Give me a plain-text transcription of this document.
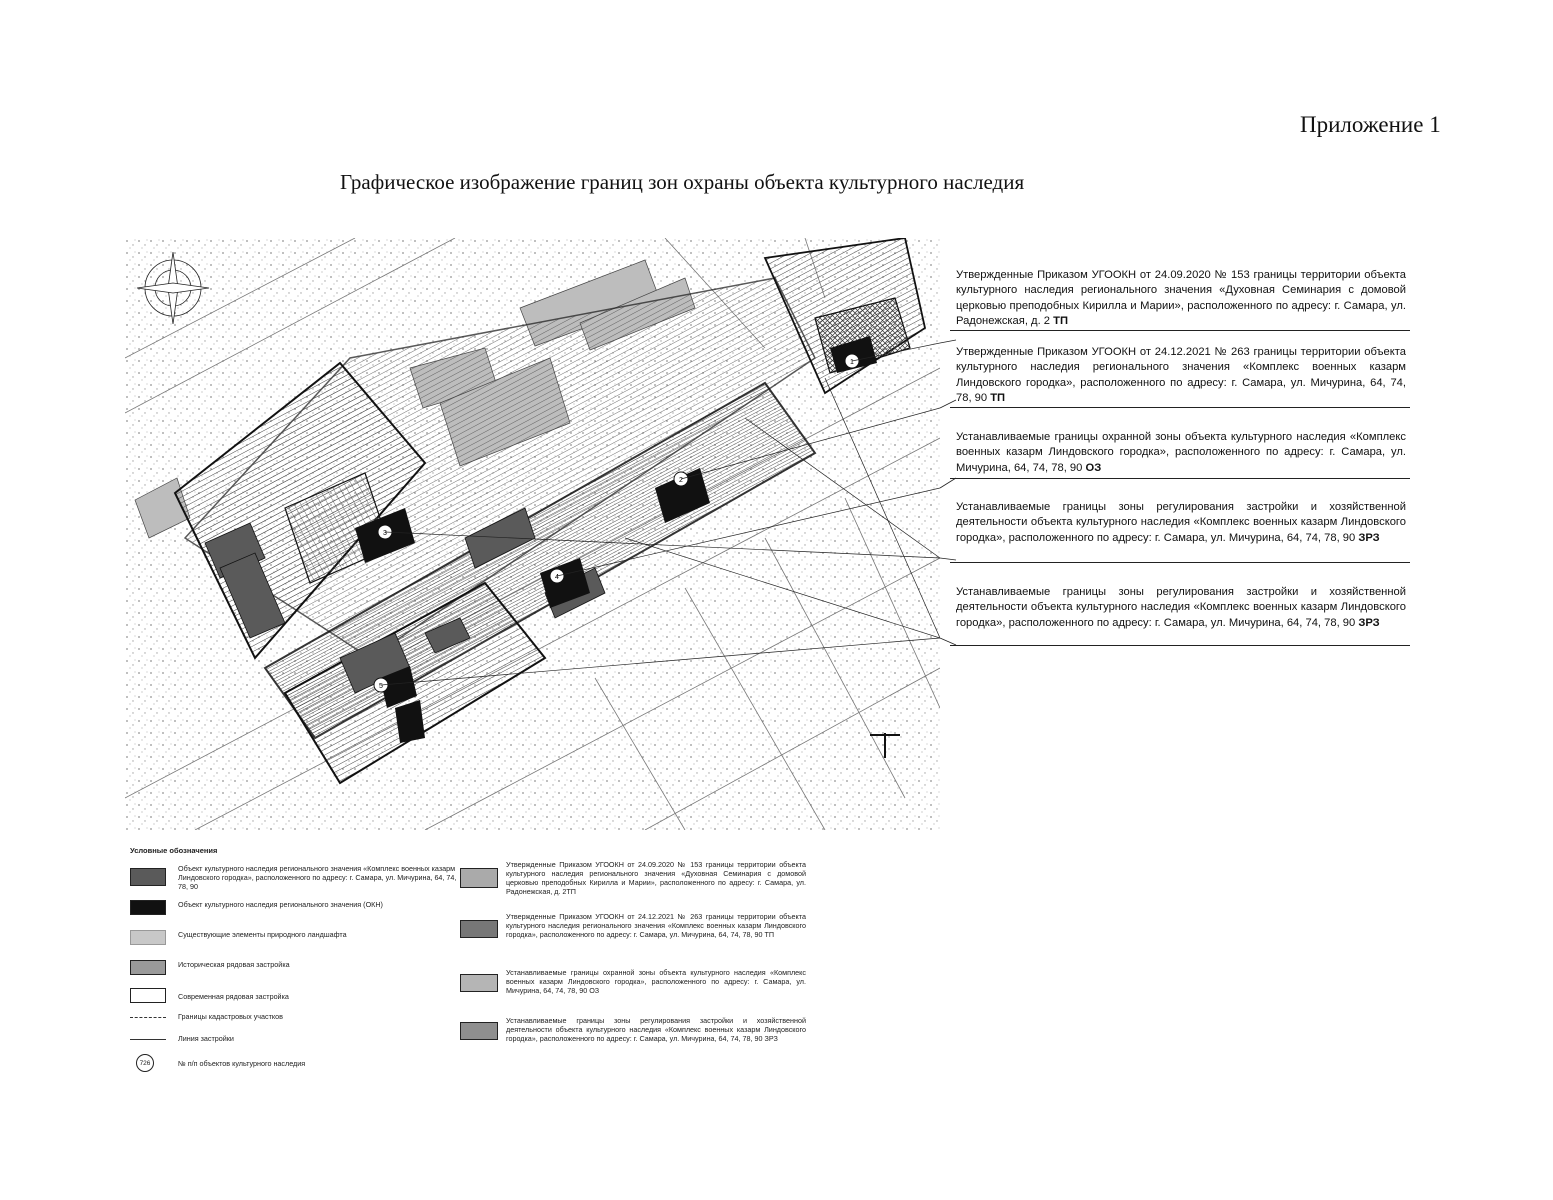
Приложение 1
Графическое изображение границ зон охраны объекта культурного наследия
1
2
3
4
5
Утвержденные Приказом УГООКН от 24.09.2020 № 153 границы территории объекта культурного наследия регионального значения «Духовная Семинария с домовой церковью преподобных Кирилла и Марии», расположенного по адресу: г. Самара, ул. Радонежская, д. 2 ТП
Утвержденные Приказом УГООКН от 24.12.2021 № 263 границы территории объекта культурного наследия регионального значения «Комплекс военных казарм Линдовского городка», расположенного по адресу: г. Самара, ул. Мичурина, 64, 74, 78, 90 ТП
Устанавливаемые границы охранной зоны объекта культурного наследия «Комплекс военных казарм Линдовского городка», расположенного по адресу: г. Самара, ул. Мичурина, 64, 74, 78, 90 ОЗ
Устанавливаемые границы зоны регулирования застройки и хозяйственной деятельности объекта культурного наследия «Комплекс военных казарм Линдовского городка», расположенного по адресу: г. Самара, ул. Мичурина, 64, 74, 78, 90 ЗРЗ
Устанавливаемые границы зоны регулирования застройки и хозяйственной деятельности объекта культурного наследия «Комплекс военных казарм Линдовского городка», расположенного по адресу: г. Самара, ул. Мичурина, 64, 74, 78, 90 ЗРЗ
Условные обозначения
Объект культурного наследия регионального значения «Комплекс военных казарм Линдовского городка», расположенного по адресу: г. Самара, ул. Мичурина, 64, 74, 78, 90
Объект культурного наследия регионального значения (ОКН)
Существующие элементы природного ландшафта
Историческая рядовая застройка
Современная рядовая застройка
Границы кадастровых участков
Линия застройки
726	№ п/п объектов культурного наследия
Утвержденные Приказом УГООКН от 24.09.2020 № 153 границы территории объекта культурного наследия регионального значения «Духовная Семинария с домовой церковью преподобных Кирилла и Марии», расположенного по адресу: г. Самара, ул. Радонежская, д. 2ТП
Утвержденные Приказом УГООКН от 24.12.2021 № 263 границы территории объекта культурного наследия регионального значения «Комплекс военных казарм Линдовского городка», расположенного по адресу: г. Самара, ул. Мичурина, 64, 74, 78, 90 ТП
Устанавливаемые границы охранной зоны объекта культурного наследия «Комплекс военных казарм Линдовского городка», расположенного по адресу: г. Самара, ул. Мичурина, 64, 74, 78, 90 ОЗ
Устанавливаемые границы зоны регулирования застройки и хозяйственной деятельности объекта культурного наследия «Комплекс военных казарм Линдовского городка», расположенного по адресу: г. Самара, ул. Мичурина, 64, 74, 78, 90 ЗРЗ
